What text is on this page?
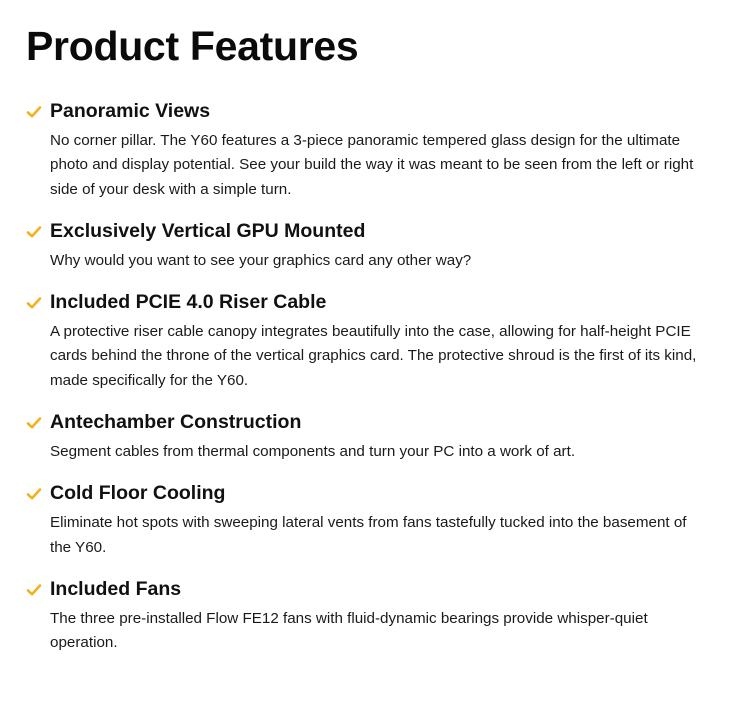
Product Features
Panoramic Views

No corner pillar. The Y60 features a 3-piece panoramic tempered glass design for the ultimate photo and display potential. See your build the way it was meant to be seen from the left or right side of your desk with a simple turn.

Exclusively Vertical GPU Mounted

Why would you want to see your graphics card any other way?

Included PCIE 4.0 Riser Cable

A protective riser cable canopy integrates beautifully into the case, allowing for half-height PCIE cards behind the throne of the vertical graphics card. The protective shroud is the first of its kind, made specifically for the Y60.

Antechamber Construction

Segment cables from thermal components and turn your PC into a work of art.

Cold Floor Cooling

Eliminate hot spots with sweeping lateral vents from fans tastefully tucked into the basement of the Y60.

Included Fans

The three pre-installed Flow FE12 fans with fluid-dynamic bearings provide whisper-quiet operation.
